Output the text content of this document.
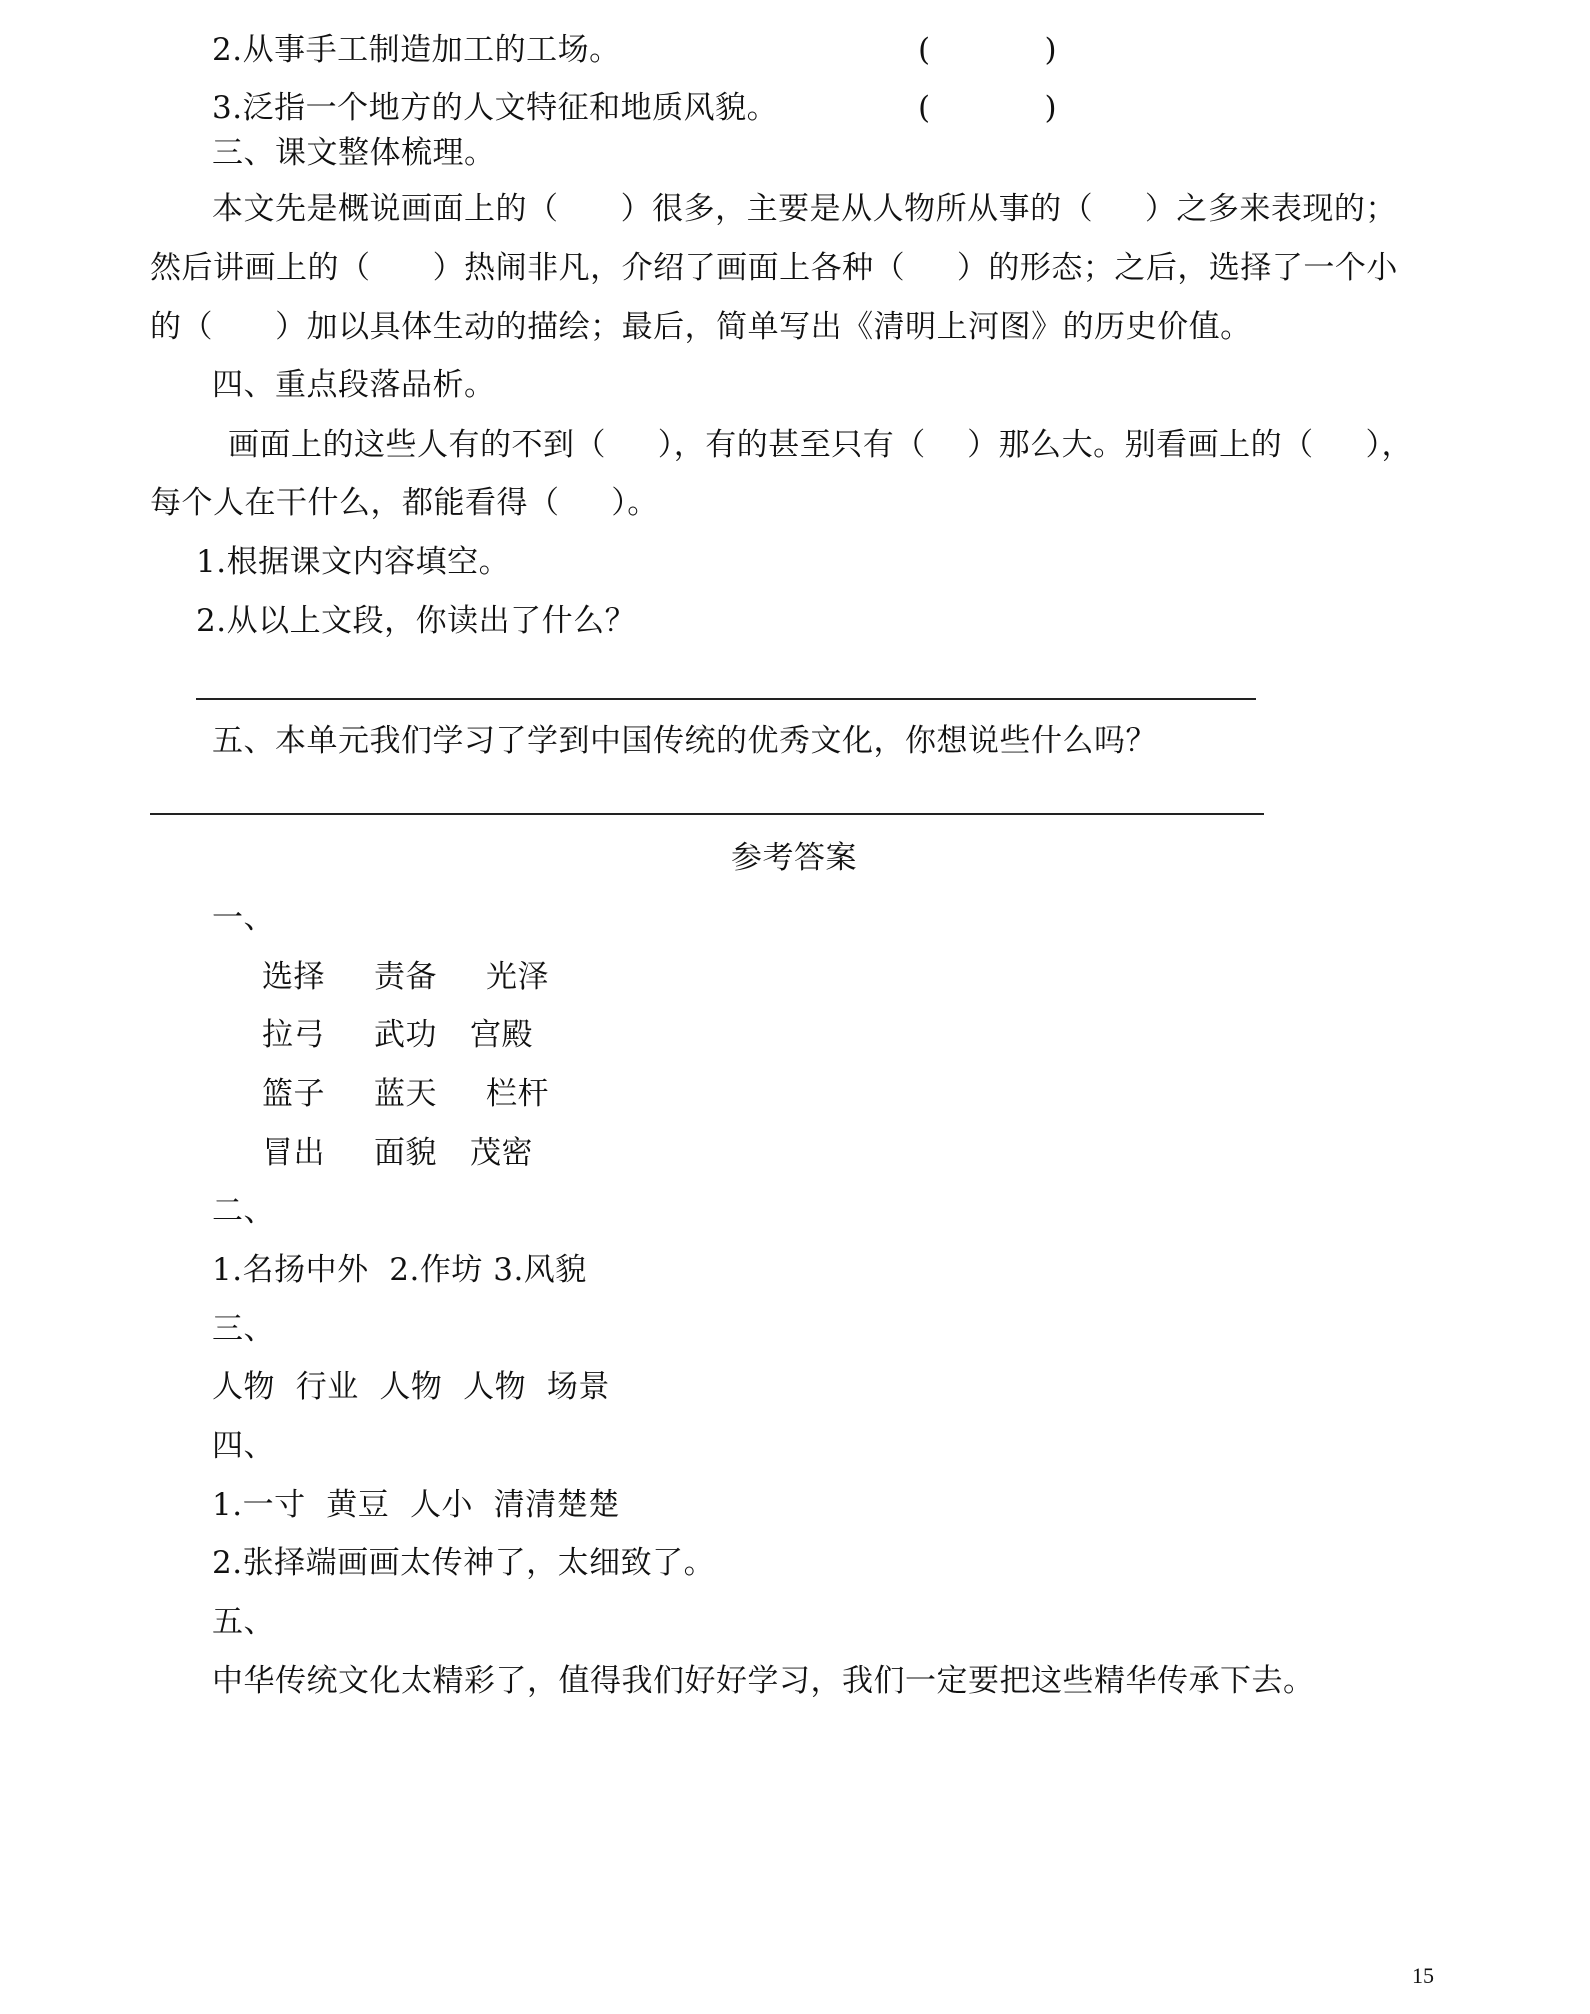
2.从事手工制造加工的工场。	(           )
3.泛指一个地方的人文特征和地质风貌。	(           )
三、课文整体梳理。
本文先是概说画面上的（      ）很多，主要是从人物所从事的（     ）之多来表现的；
然后讲画上的（      ）热闹非凡，介绍了画面上各种（     ）的形态；之后，选择了一个小
的（      ）加以具体生动的描绘；最后，简单写出《清明上河图》的历史价值。
四、重点段落品析。
画面上的这些人有的不到（     ），有的甚至只有（    ）那么大。别看画上的（     ），
每个人在干什么，都能看得（     ）。
1.根据课文内容填空。
2.从以上文段，你读出了什么？
五、本单元我们学习了学到中国传统的优秀文化，你想说些什么吗？
参考答案
一、
选择 责备 光泽
拉弓 武功 宫殿
篮子 蓝天 栏杆
冒出 面貌 茂密
二、
1.名扬中外  2.作坊 3.风貌
三、
人物  行业  人物  人物  场景
四、
1.一寸  黄豆  人小  清清楚楚
2.张择端画画太传神了，太细致了。
五、
中华传统文化太精彩了，值得我们好好学习，我们一定要把这些精华传承下去。
15
